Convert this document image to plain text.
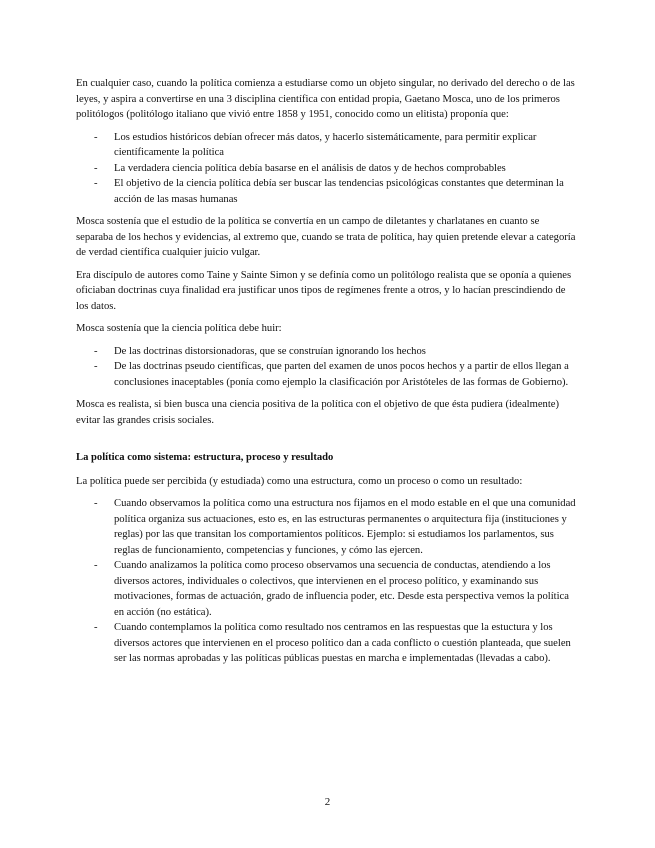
En cualquier caso, cuando la política comienza a estudiarse como un objeto singular, no derivado del derecho o de las leyes, y aspira a convertirse en una 3 disciplina científica con entidad propia, Gaetano Mosca, uno de los primeros politólogos (politólogo italiano que vivió entre 1858 y 1951, conocido como un elitista) proponía que:

- Los estudios históricos debían ofrecer más datos, y hacerlo sistemáticamente, para permitir explicar científicamente la política
- La verdadera ciencia política debía basarse en el análisis de datos y de hechos comprobables
- El objetivo de la ciencia política debía ser buscar las tendencias psicológicas constantes que determinan la acción de las masas humanas

Mosca sostenía que el estudio de la política se convertía en un campo de diletantes y charlatanes en cuanto se separaba de los hechos y evidencias, al extremo que, cuando se trata de política, hay quien pretende elevar a categoría de verdad científica cualquier juicio vulgar.

Era discípulo de autores como Taine y Sainte Simon y se definía como un politólogo realista que se oponía a quienes oficiaban doctrinas cuya finalidad era justificar unos tipos de regímenes frente a otros, y lo hacían prescindiendo de los datos.

Mosca sostenía que la ciencia política debe huir:

- De las doctrinas distorsionadoras, que se construían ignorando los hechos
- De las doctrinas pseudo científicas, que parten del examen de unos pocos hechos y a partir de ellos llegan a conclusiones inaceptables (ponía como ejemplo la clasificación por Aristóteles de las formas de Gobierno).

Mosca es realista, si bien busca una ciencia positiva de la política con el objetivo de que ésta pudiera (idealmente) evitar las grandes crisis sociales.

La política como sistema: estructura, proceso y resultado

La política puede ser percibida (y estudiada) como una estructura, como un proceso o como un resultado:

- Cuando observamos la política como una estructura nos fijamos en el modo estable en el que una comunidad política organiza sus actuaciones, esto es, en las estructuras permanentes o arquitectura fija (instituciones y reglas) por las que transitan los comportamientos políticos. Ejemplo: si estudiamos los parlamentos, sus reglas de funcionamiento, competencias y funciones, y cómo las ejercen.
- Cuando analizamos la política como proceso observamos una secuencia de conductas, atendiendo a los diversos actores, individuales o colectivos, que intervienen en el proceso político, y examinando sus motivaciones, formas de actuación, grado de influencia poder, etc. Desde esta perspectiva vemos la política en acción (no estática).
- Cuando contemplamos la política como resultado nos centramos en las respuestas que la estuctura y los diversos actores que intervienen en el proceso político dan a cada conflicto o cuestión planteada, que suelen ser las normas aprobadas y las políticas públicas puestas en marcha e implementadas (llevadas a cabo).
2
